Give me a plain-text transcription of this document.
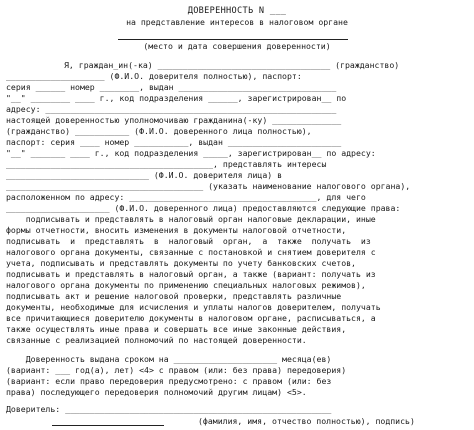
ДОВЕРЕННОСТЬ N ___
на представление интересов в налоговом органе
(место и дата совершения доверенности)
Я, граждан_ин(-ка) ___________________________________ (гражданство)
____________________ (Ф.И.О. доверителя полностью), паспорт:
серия ______ номер ________, выдан ________________________________
"__" ________ ____ г., код подразделения ______, зарегистрирован__ по
адресу: ___________________________________________________________
настоящей доверенностью уполномочиваю гражданина(-ку) ______________
(гражданство) ___________ (Ф.И.О. доверенного лица полностью),
паспорт: серия ____ номер ___________, выдан _______________________
"__" _______ ____ г., код подразделения _____, зарегистрирован__ по адресу:
__________________________________________, представлять интересы
_____________________________ (Ф.И.О. доверителя лица) в
________________________________________ (указать наименование налогового органа),
расположенном по адресу: ______________________________________, для чего
_____________________ (Ф.И.О. доверенного лица) предоставляются следующие права:
подписывать и представлять в налоговый орган налоговые декларации, иные
формы отчетности, вносить изменения в документы налоговой отчетности,
подписывать  и  представлять  в  налоговый  орган,  а  также  получать  из
налогового органа документы, связанные с постановкой и снятием доверителя с
учета, подписывать и представлять документы по учету банковских счетов,
подписывать и представлять в налоговый орган, а также (вариант: получать из
налогового органа документы по применению специальных налоговых режимов),
подписывать акт и решение налоговой проверки, представлять различные
документы, необходимые для исчисления и уплаты налогов доверителем, получать
все причитающиеся доверителю документы в налоговом органе, расписываться, а
также осуществлять иные права и совершать все иные законные действия,
связанные с реализацией полномочий по настоящей доверенности.
Доверенность выдана сроком на _____________________ месяца(ев)
(вариант: ___ год(а), лет) <4> с правом (или: без права) передоверия)
(вариант: если право передоверия предусмотрено: с правом (или: без
права) последующего передоверия полномочий другим лицам) <5>.
Доверитель: ______________________________________________________
(фамилия, имя, отчество полностью), подпись)
